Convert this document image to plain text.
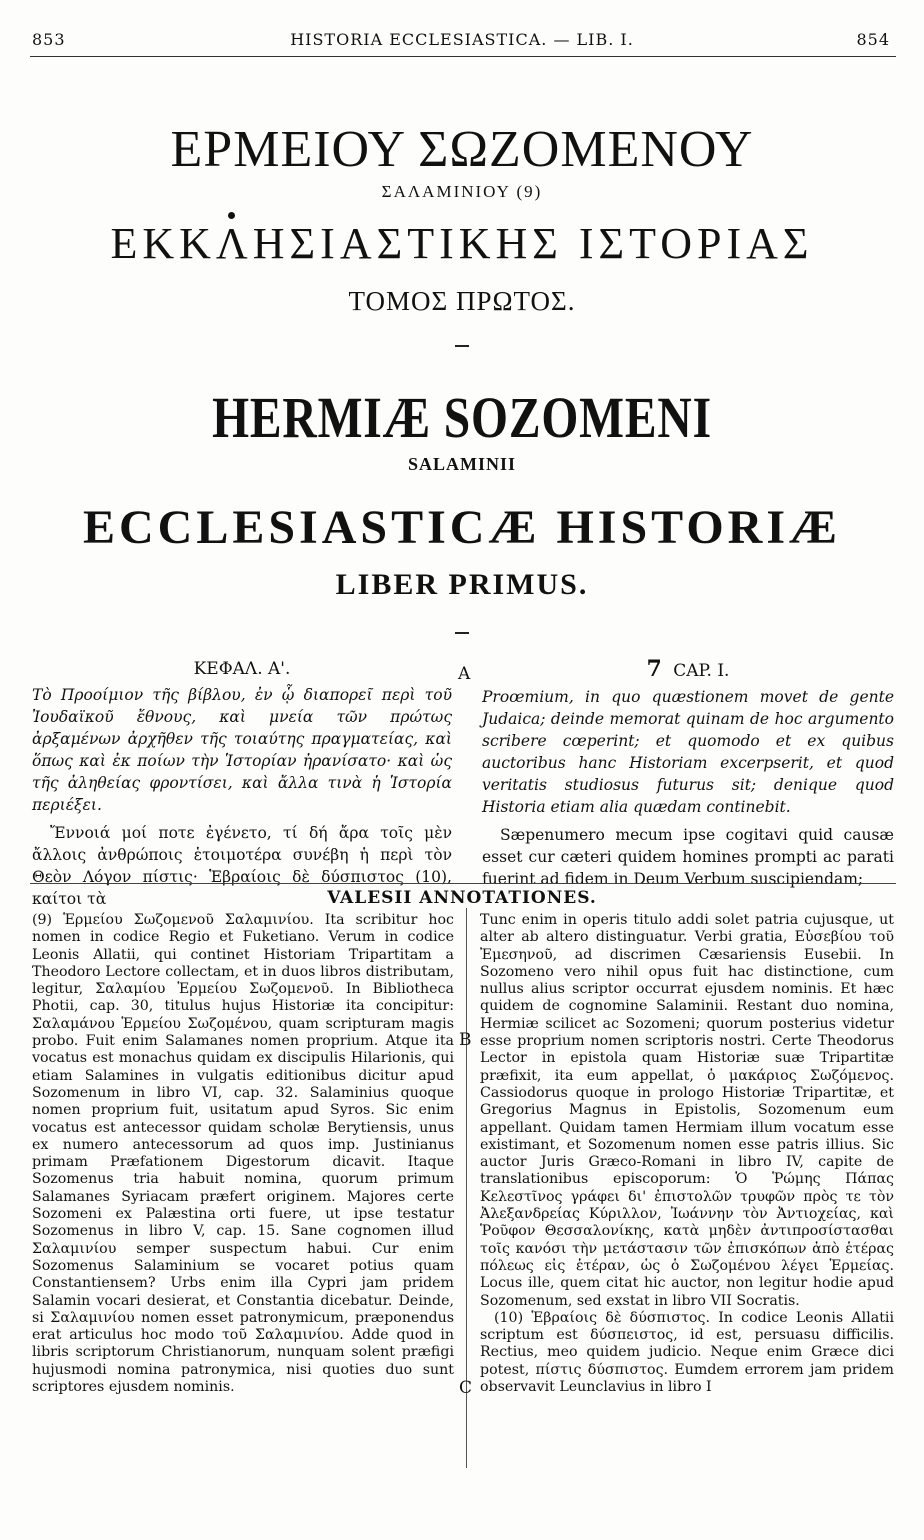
853	HISTORIA ECCLESIASTICA. — LIB. I.	854
ΕΡΜΕΙΟΥ ΣΩΖΟΜΕΝΟΥ
ΣΑΛΑΜΙΝΙΟΥ (9)
ΕΚΚΛΗΣΙΑΣΤΙΚΗΣ ΙΣΤΟΡΙΑΣ
ΤΟΜΟΣ ΠΡΩΤΟΣ.
HERMIÆ SOZOMENI
SALAMINII
ECCLESIASTICÆ HISTORIÆ
LIBER PRIMUS.
ΚΕΦΑΛ. Α'.

Τὸ Προοίμιον τῆς βίβλου, ἐν ᾧ διαπορεῖ περὶ τοῦ Ἰουδαϊκοῦ ἔθνους, καὶ μνεία τῶν πρώτως ἀρξαμένων ἀρχῆθεν τῆς τοιαύτης πραγματείας, καὶ ὅπως καὶ ἐκ ποίων τὴν Ἱστορίαν ἠρανίσατο· καὶ ὡς τῆς ἀληθείας φροντίσει, καὶ ἄλλα τινὰ ἡ Ἱστορία περιέξει.

Ἔννοιά μοί ποτε ἐγένετο, τί δή ἄρα τοῖς μὲν ἄλλοις ἀνθρώποις ἑτοιμοτέρα συνέβη ἡ περὶ τὸν Θεὸν Λόγον πίστις· Ἑβραίοις δὲ δύσπιστος (10), καίτοι τὰ

A	7 CAP. I.

Proœmium, in quo quæstionem movet de gente Judaica; deinde memorat quinam de hoc argumento scribere cœperint; et quomodo et ex quibus auctoribus hanc Historiam excerpserit, et quod veritatis studiosus futurus sit; denique quod Historia etiam alia quædam continebit.

Sæpenumero mecum ipse cogitavi quid causæ esset cur cæteri quidem homines prompti ac parati fuerint ad fidem in Deum Verbum suscipiendam;

VALESII ANNOTATIONES.
B
C

(9) Ἑρμείου Σωζομενοῦ Σαλαμινίου. Ita scribitur hoc nomen in codice Regio et Fuketiano. Verum in codice Leonis Allatii, qui continet Historiam Tripartitam a Theodoro Lectore collectam, et in duos libros distributam, legitur, Σαλαμίου Ἑρμείου Σωζομενοῦ. In Bibliotheca Photii, cap. 30, titulus hujus Historiæ ita concipitur: Σαλαμάνου Ἑρμείου Σωζομένου, quam scripturam magis probo. Fuit enim Salamanes nomen proprium. Atque ita vocatus est monachus quidam ex discipulis Hilarionis, qui etiam Salamines in vulgatis editionibus dicitur apud Sozomenum in libro VI, cap. 32. Salaminius quoque nomen proprium fuit, usitatum apud Syros. Sic enim vocatus est antecessor quidam scholæ Berytiensis, unus ex numero antecessorum ad quos imp. Justinianus primam Præfationem Digestorum dicavit. Itaque Sozomenus tria habuit nomina, quorum primum Salamanes Syriacam præfert originem. Majores certe Sozomeni ex Palæstina orti fuere, ut ipse testatur Sozomenus in libro V, cap. 15. Sane cognomen illud Σαλαμινίου semper suspectum habui. Cur enim Sozomenus Salaminium se vocaret potius quam Constantiensem? Urbs enim illa Cypri jam pridem Salamin vocari desierat, et Constantia dicebatur. Deinde, si Σαλαμινίου nomen esset patronymicum, præponendus erat articulus hoc modo τοῦ Σαλαμινίου. Adde quod in libris scriptorum Christianorum, nunquam solent præfigi hujusmodi nomina patronymica, nisi quoties duo sunt scriptores ejusdem nominis.

Tunc enim in operis titulo addi solet patria cujusque, ut alter ab altero distinguatur. Verbi gratia, Εὐσεβίου τοῦ Ἐμεσηνοῦ, ad discrimen Cæsariensis Eusebii. In Sozomeno vero nihil opus fuit hac distinctione, cum nullus alius scriptor occurrat ejusdem nominis. Et hæc quidem de cognomine Salaminii. Restant duo nomina, Hermiæ scilicet ac Sozomeni; quorum posterius videtur esse proprium nomen scriptoris nostri. Certe Theodorus Lector in epistola quam Historiæ suæ Tripartitæ præfixit, ita eum appellat, ὁ μακάριος Σωζόμενος. Cassiodorus quoque in prologo Historiæ Tripartitæ, et Gregorius Magnus in Epistolis, Sozomenum eum appellant. Quidam tamen Hermiam illum vocatum esse existimant, et Sozomenum nomen esse patris illius. Sic auctor Juris Græco-Romani in libro IV, capite de translationibus episcoporum: Ὁ Ῥώμης Πάπας Κελεστῖνος γράφει δι' ἐπιστολῶν τρυφῶν πρὸς τε τὸν Ἀλεξανδρείας Κύριλλον, Ἰωάννην τὸν Ἀντιοχείας, καὶ Ῥοῦφον Θεσσαλονίκης, κατὰ μηδὲν ἀντιπροσίστασθαι τοῖς κανόσι τὴν μετάστασιν τῶν ἐπισκόπων ἀπὸ ἑτέρας πόλεως εἰς ἑτέραν, ὡς ὁ Σωζομένου λέγει Ἑρμείας. Locus ille, quem citat hic auctor, non legitur hodie apud Sozomenum, sed exstat in libro VII Socratis.

(10) Ἑβραίοις δὲ δύσπιστος. In codice Leonis Allatii scriptum est δύσπειστος, id est, persuasu difficilis. Rectius, meo quidem judicio. Neque enim Græce dici potest, πίστις δύσπιστος. Eumdem errorem jam pridem observavit Leunclavius in libro I
